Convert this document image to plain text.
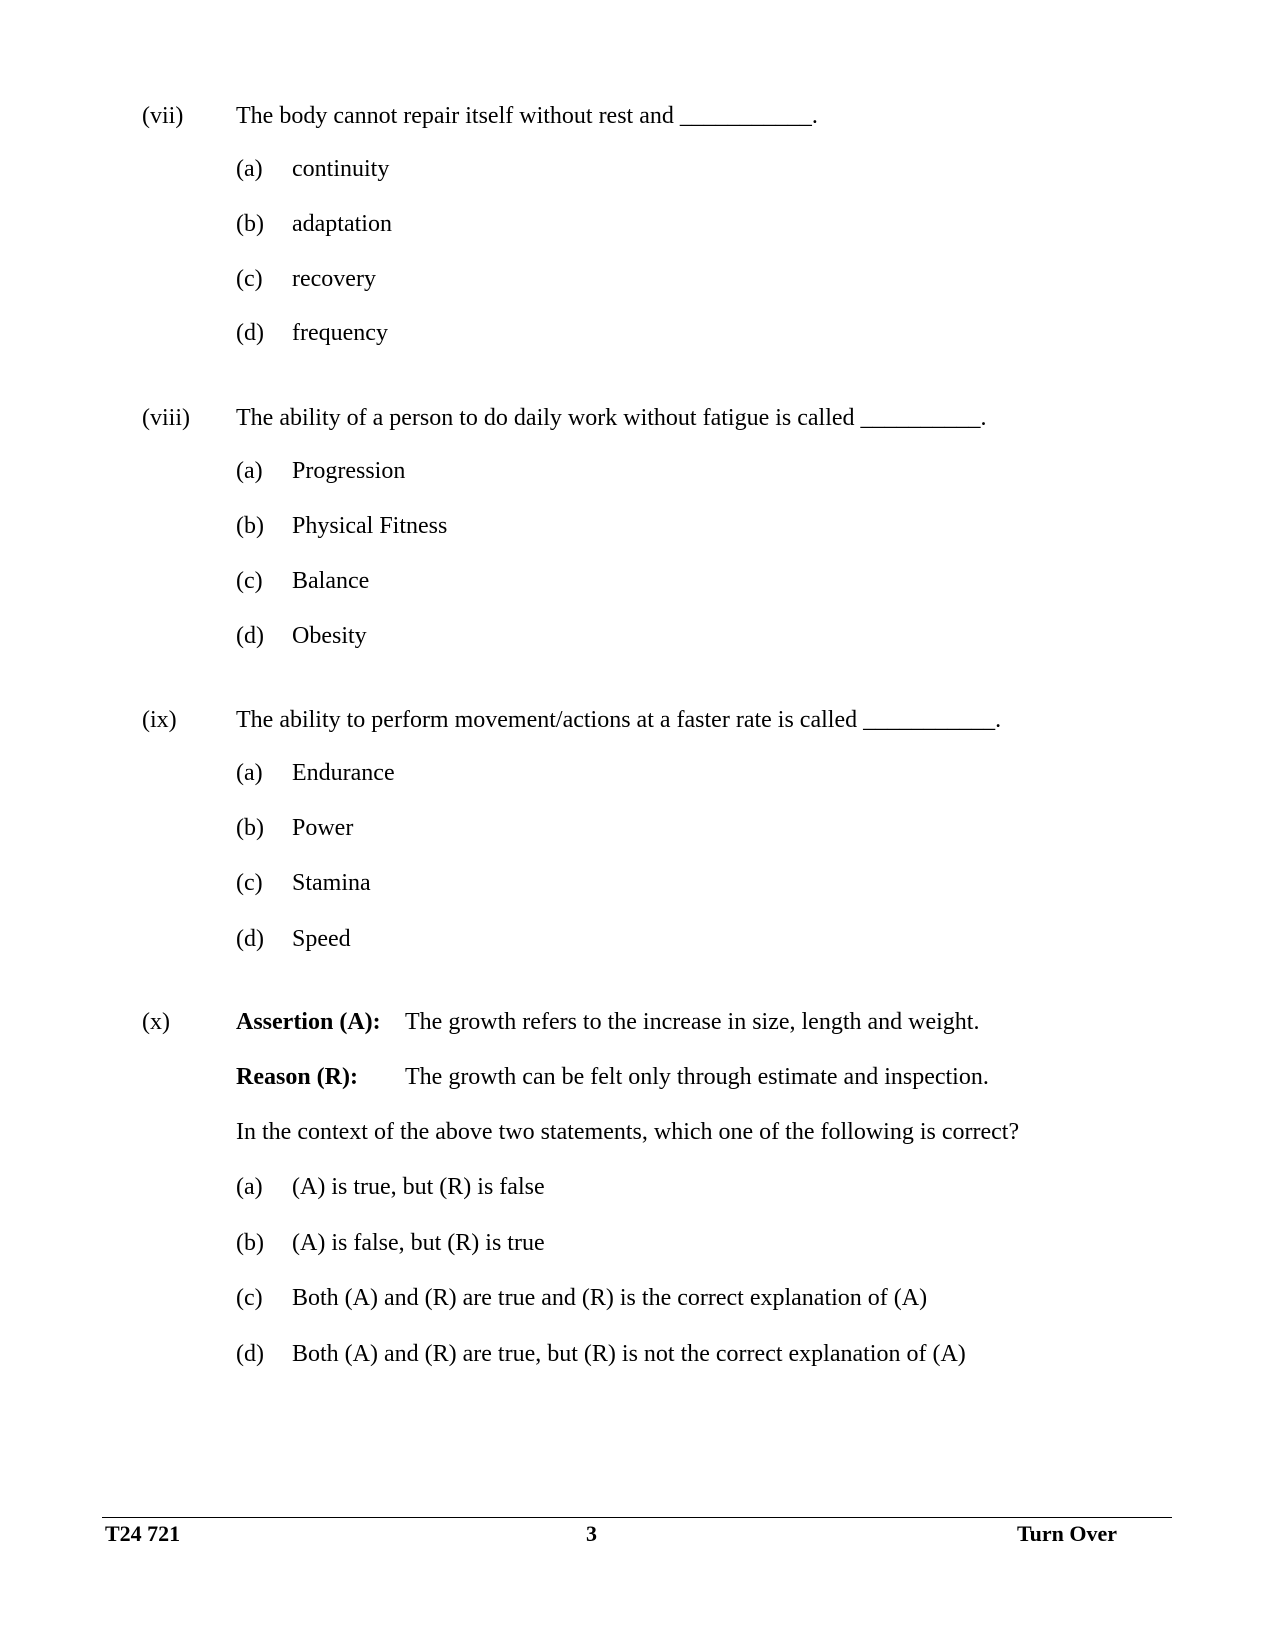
(vii) The body cannot repair itself without rest and ___________.
(a) continuity
(b) adaptation
(c) recovery
(d) frequency
(viii) The ability of a person to do daily work without fatigue is called __________.
(a) Progression
(b) Physical Fitness
(c) Balance
(d) Obesity
(ix) The ability to perform movement/actions at a faster rate is called ___________.
(a) Endurance
(b) Power
(c) Stamina
(d) Speed
(x)	Assertion (A): The growth refers to the increase in size, length and weight.
Reason (R): The growth can be felt only through estimate and inspection.
In the context of the above two statements, which one of the following is correct?
(a) (A) is true, but (R) is false
(b) (A) is false, but (R) is true
(c) Both (A) and (R) are true and (R) is the correct explanation of (A)
(d) Both (A) and (R) are true, but (R) is not the correct explanation of (A)
T24 721	3	Turn Over
